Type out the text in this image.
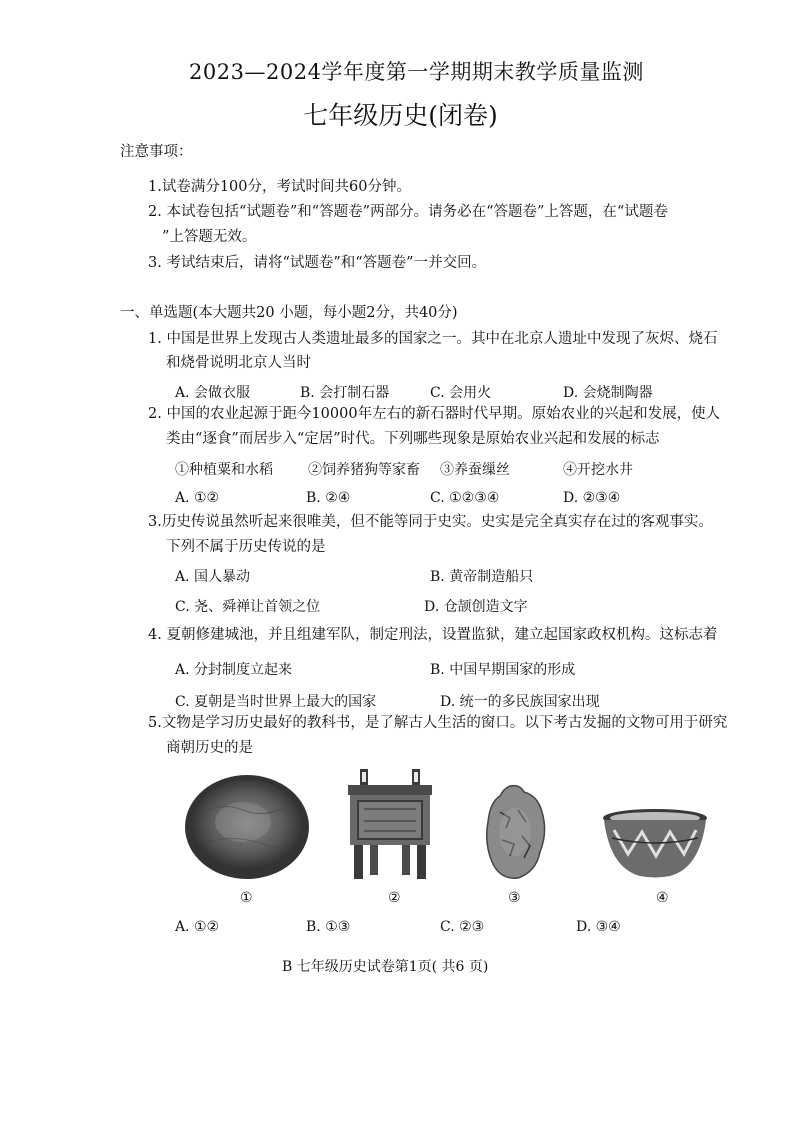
2023—2024学年度第一学期期末教学质量监测
七年级历史(闭卷)
注意事项：
1.试卷满分100分，考试时间共60分钟。
2. 本试卷包括“试题卷”和“答题卷”两部分。请务必在“答题卷”上答题，在“试题卷
”上答题无效。
3. 考试结束后，请将“试题卷”和“答题卷”一并交回。
一、单选题(本大题共20 小题，每小题2分，共40分)
1. 中国是世界上发现古人类遗址最多的国家之一。其中在北京人遗址中发现了灰烬、烧石
和烧骨说明北京人当时
A. 会做衣服	B. 会打制石器	C. 会用火	D. 会烧制陶器
2. 中国的农业起源于距今10000年左右的新石器时代早期。原始农业的兴起和发展，使人
类由“逐食”而居步入“定居”时代。下列哪些现象是原始农业兴起和发展的标志
①种植粟和水稻	②饲养猪狗等家畜 ③养蚕缫丝	④开挖水井
A. ①②	B. ②④	C. ①②③④	D. ②③④
3.历史传说虽然听起来很唯美，但不能等同于史实。史实是完全真实存在过的客观事实。
下列不属于历史传说的是
A. 国人暴动	B. 黄帝制造船只
C. 尧、舜禅让首领之位	D. 仓颉创造文字
4. 夏朝修建城池，并且组建军队，制定刑法，设置监狱，建立起国家政权机构。这标志着
A. 分封制度立起来	B. 中国早期国家的形成
C. 夏朝是当时世界上最大的国家	D. 统一的多民族国家出现
5.文物是学习历史最好的教科书，是了解古人生活的窗口。以下考古发掘的文物可用于研究
商朝历史的是
①	②	③	④
A. ①②	B. ①③	C. ②③	D. ③④
B 七年级历史试卷第1页( 共6 页)
